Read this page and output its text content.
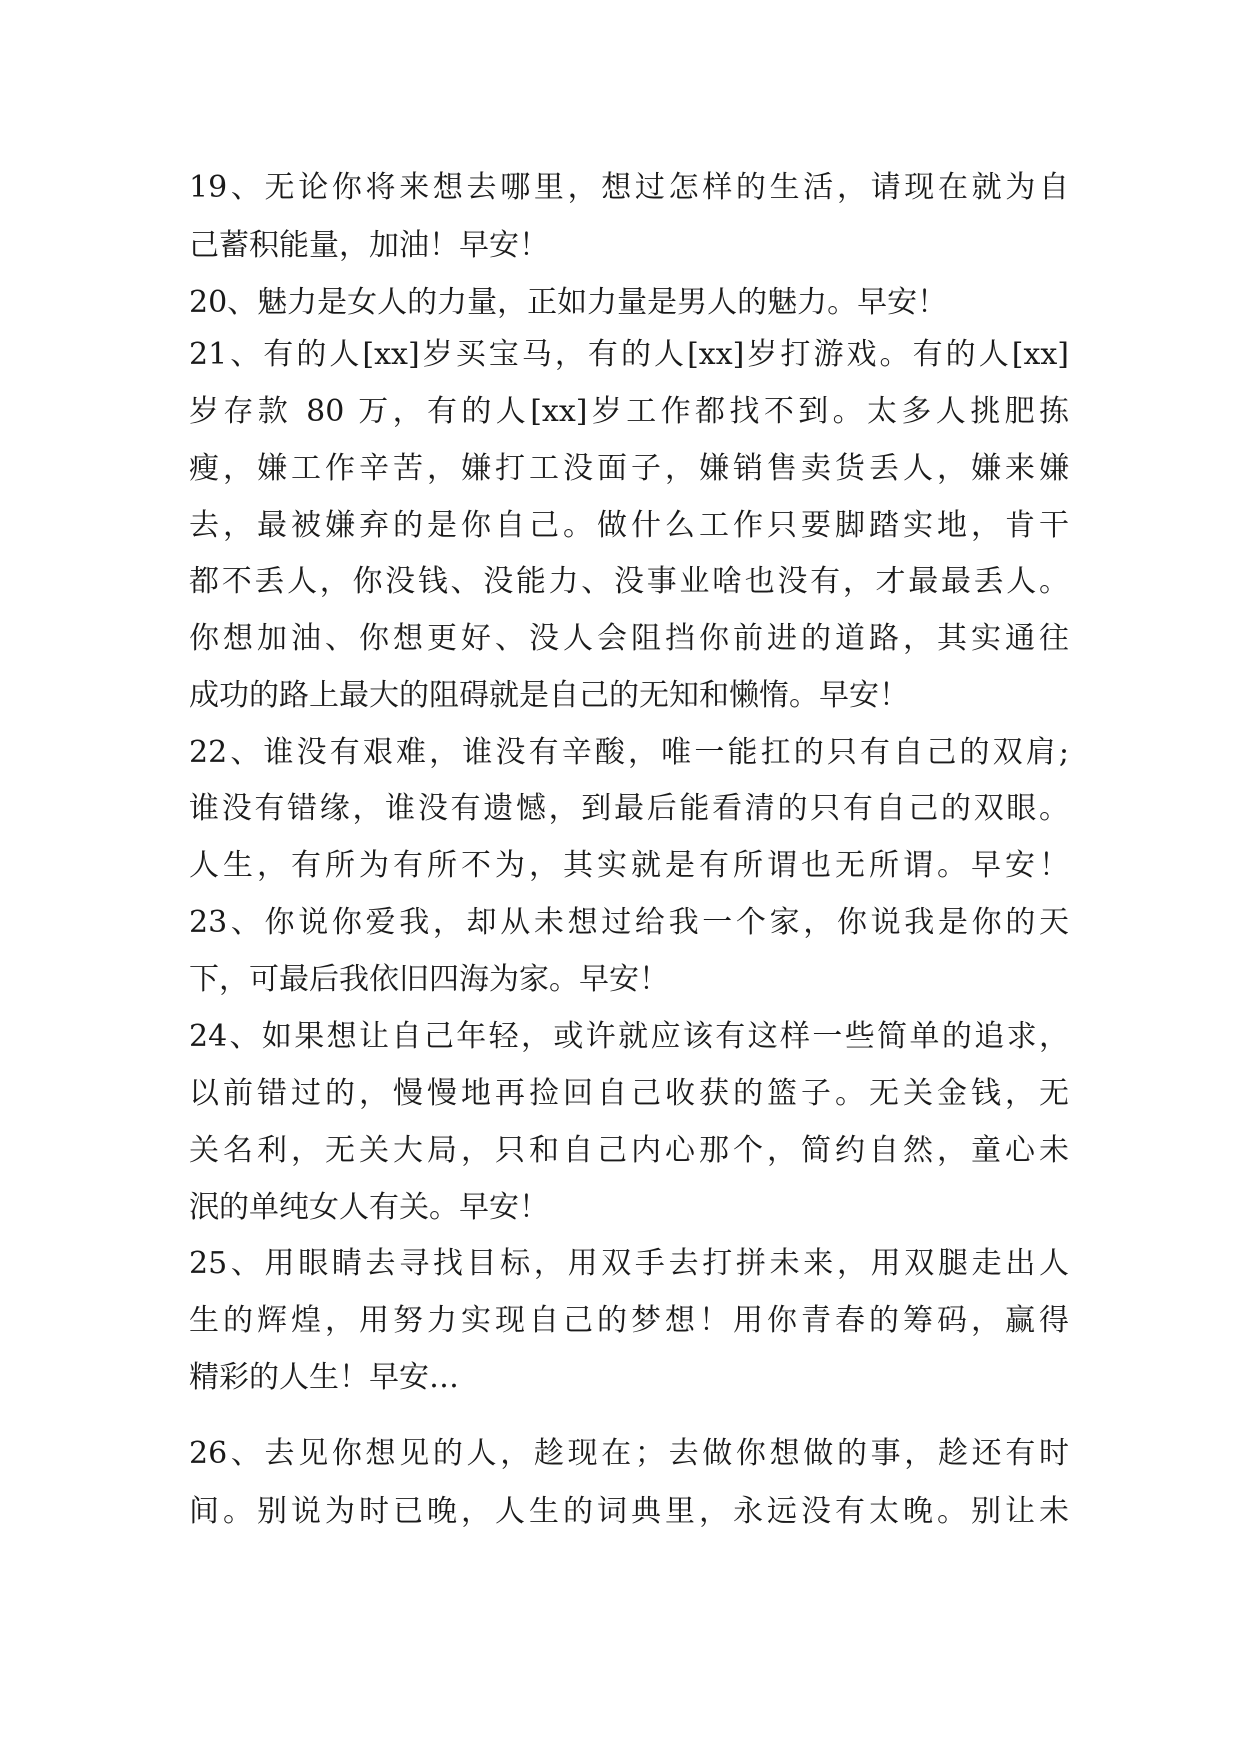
19、无论你将来想去哪里，想过怎样的生活，请现在就为自
己蓄积能量，加油！早安！
20、魅力是女人的力量，正如力量是男人的魅力。早安！
21、有的人[xx]岁买宝马，有的人[xx]岁打游戏。有的人[xx]
岁存款 80 万，有的人[xx]岁工作都找不到。太多人挑肥拣
瘦，嫌工作辛苦，嫌打工没面子，嫌销售卖货丢人，嫌来嫌
去，最被嫌弃的是你自己。做什么工作只要脚踏实地，肯干
都不丢人，你没钱、没能力、没事业啥也没有，才最最丢人。
你想加油、你想更好、没人会阻挡你前进的道路，其实通往
成功的路上最大的阻碍就是自己的无知和懒惰。早安！
22、谁没有艰难，谁没有辛酸，唯一能扛的只有自己的双肩;
谁没有错缘，谁没有遗憾，到最后能看清的只有自己的双眼。
人生，有所为有所不为，其实就是有所谓也无所谓。早安！
23、你说你爱我，却从未想过给我一个家，你说我是你的天
下，可最后我依旧四海为家。早安！
24、如果想让自己年轻，或许就应该有这样一些简单的追求，
以前错过的，慢慢地再捡回自己收获的篮子。无关金钱，无
关名利，无关大局，只和自己内心那个，简约自然，童心未
泯的单纯女人有关。早安！
25、用眼睛去寻找目标，用双手去打拼未来，用双腿走出人
生的辉煌，用努力实现自己的梦想！用你青春的筹码，赢得
精彩的人生！早安…
26、去见你想见的人，趁现在；去做你想做的事，趁还有时
间。别说为时已晚，人生的词典里，永远没有太晚。别让未
